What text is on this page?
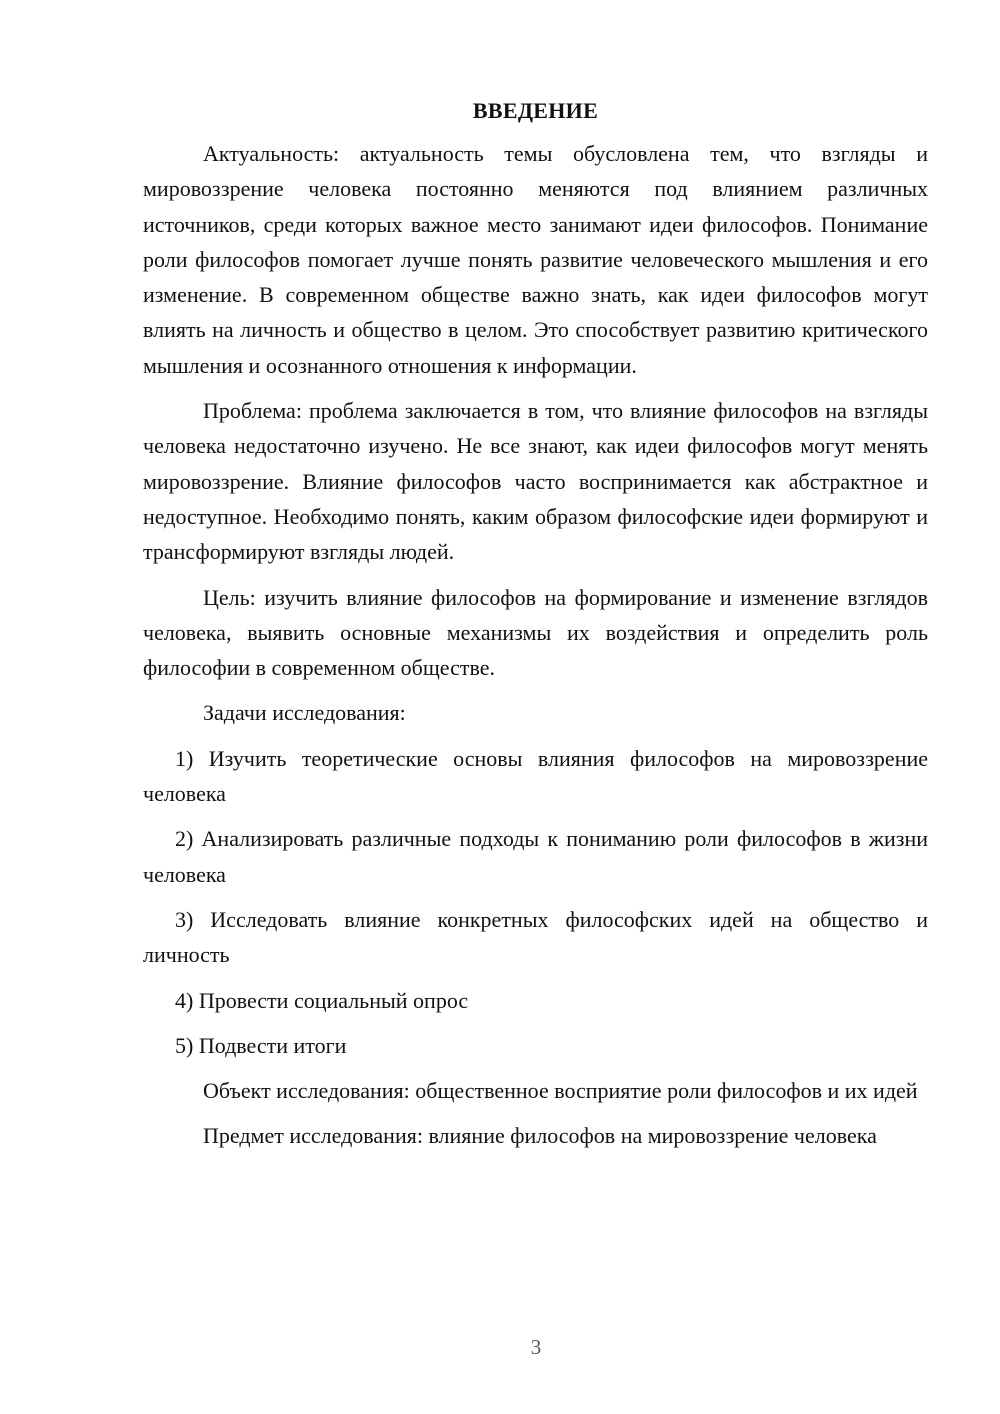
ВВЕДЕНИЕ

Актуальность: актуальность темы обусловлена тем, что взгляды и мировоззрение человека постоянно меняются под влиянием различных источников, среди которых важное место занимают идеи философов. Понимание роли философов помогает лучше понять развитие человеческого мышления и его изменение. В современном обществе важно знать, как идеи философов могут влиять на личность и общество в целом. Это способствует развитию критического мышления и осознанного отношения к информации.

Проблема: проблема заключается в том, что влияние философов на взгляды человека недостаточно изучено. Не все знают, как идеи философов могут менять мировоззрение. Влияние философов часто воспринимается как абстрактное и недоступное. Необходимо понять, каким образом философские идеи формируют и трансформируют взгляды людей.

Цель: изучить влияние философов на формирование и изменение взглядов человека, выявить основные механизмы их воздействия и определить роль философии в современном обществе.

Задачи исследования:

1) Изучить теоретические основы влияния философов на мировоззрение человека

2) Анализировать различные подходы к пониманию роли философов в жизни человека

3) Исследовать влияние конкретных философских идей на общество и личность

4) Провести социальный опрос

5) Подвести итоги

Объект исследования: общественное восприятие роли философов и их идей

Предмет исследования: влияние философов на мировоззрение человека

3
